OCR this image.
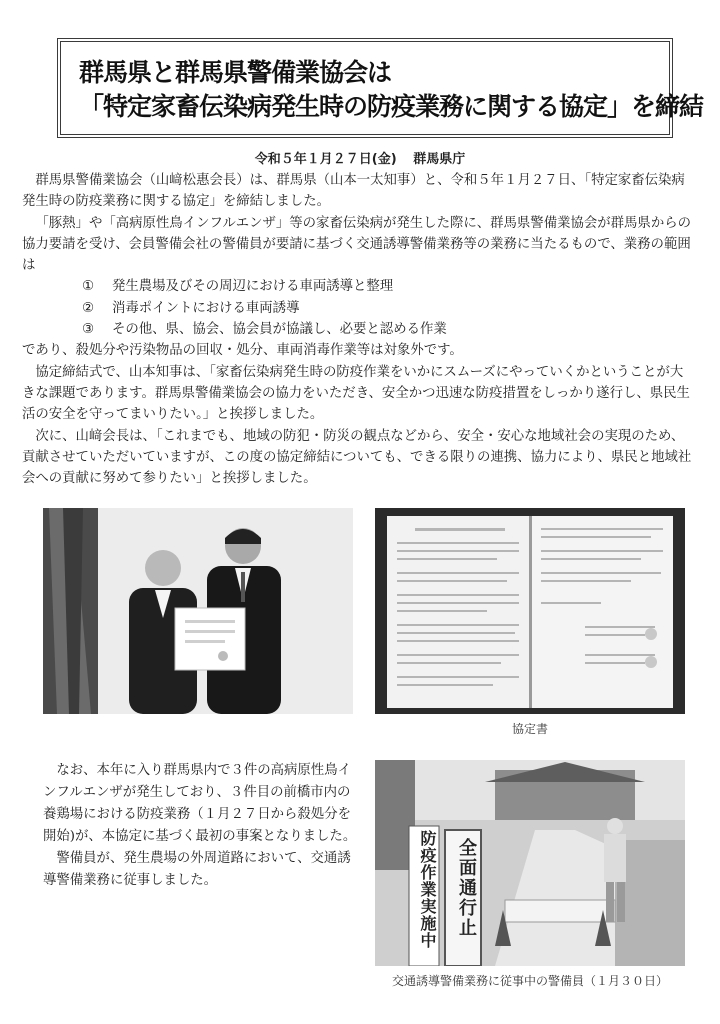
群馬県と群馬県警備業協会は
「特定家畜伝染病発生時の防疫業務に関する協定」を締結
令和５年１月２７日(金) 群馬県庁

群馬県警備業協会（山﨑松惠会長）は、群馬県（山本一太知事）と、令和５年１月２７日、「特定家畜伝染病発生時の防疫業務に関する協定」を締結しました。

「豚熱」や「高病原性鳥インフルエンザ」等の家畜伝染病が発生した際に、群馬県警備業協会が群馬県からの協力要請を受け、会員警備会社の警備員が要請に基づく交通誘導警備業務等の業務に当たるもので、業務の範囲は

① 発生農場及びその周辺における車両誘導と整理
② 消毒ポイントにおける車両誘導
③ その他、県、協会、協会員が協議し、必要と認める作業

であり、殺処分や汚染物品の回収・処分、車両消毒作業等は対象外です。

協定締結式で、山本知事は、「家畜伝染病発生時の防疫作業をいかにスムーズにやっていくかということが大きな課題であります。群馬県警備業協会の協力をいただき、安全かつ迅速な防疫措置をしっかり遂行し、県民生活の安全を守ってまいりたい。」と挨拶しました。

次に、山﨑会長は、「これまでも、地域の防犯・防災の観点などから、安全・安心な地域社会の実現のため、貢献させていただいていますが、この度の協定締結についても、できる限りの連携、協力により、県民と地域社会への貢献に努めて参りたい」と挨拶しました。

協定書

なお、本年に入り群馬県内で３件の高病原性鳥インフルエンザが発生しており、３件目の前橋市内の養鶏場における防疫業務（１月２７日から殺処分を開始)が、本協定に基づく最初の事案となりました。

警備員が、発生農場の外周道路において、交通誘導警備業務に従事しました。	防疫作業実施中	全面通行止
交通誘導警備業務に従事中の警備員（１月３０日）
